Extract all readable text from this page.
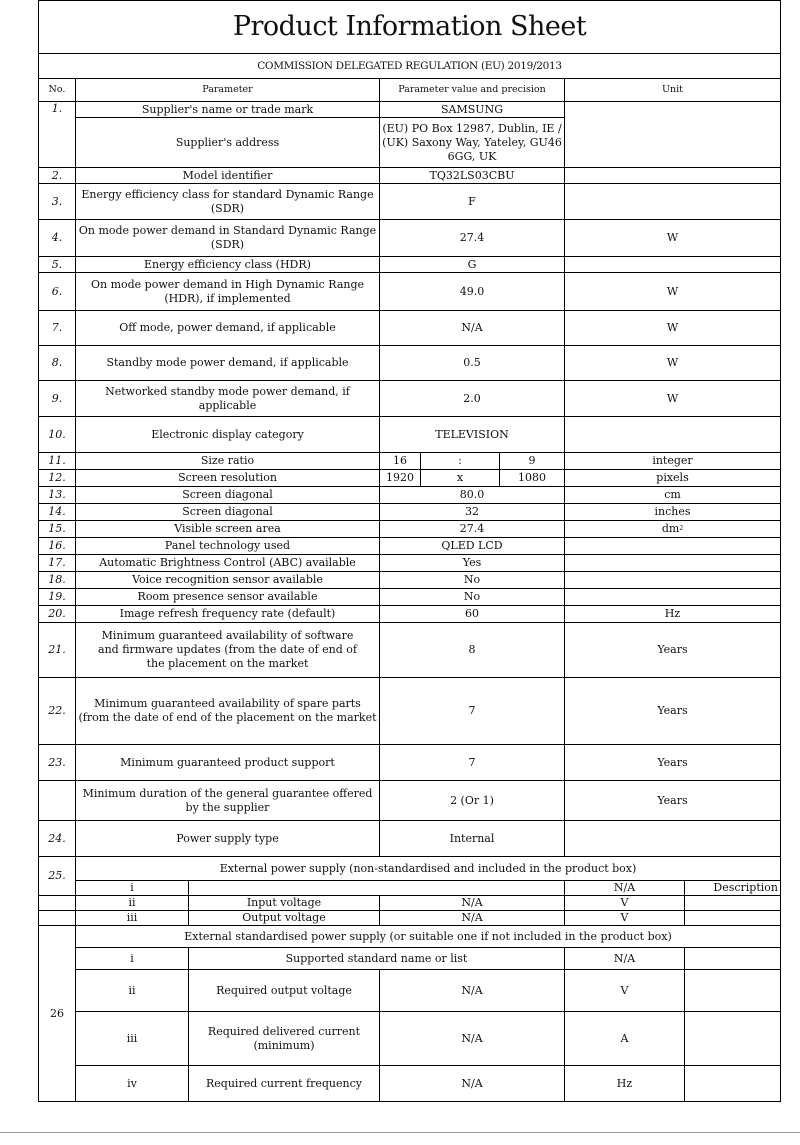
Product Information Sheet							
COMMISSION DELEGATED REGULATION (EU) 2019/2013							
No.	Parameter		Parameter value and precision			Unit	
1.	Supplier's name or trade mark		SAMSUNG				
	Supplier's address		(EU) PO Box 12987, Dublin, IE / (UK) Saxony Way, Yateley, GU46 6GG, UK				
2.	Model identifier		TQ32LS03CBU				
3.	Energy efficiency class for standard Dynamic Range (SDR)		F				
4.	On mode power demand in Standard Dynamic Range (SDR)		27.4			W	
5.	Energy efficiency class (HDR)		G				
6.	On mode power demand in High Dynamic Range (HDR), if implemented		49.0			W	
7.	Off mode, power demand, if applicable		N/A			W	
8.	Standby mode power demand, if applicable		0.5			W	
9.	Networked standby mode power demand, if applicable		2.0			W	
10.	Electronic display category		TELEVISION				
11.	Size ratio		16	:	9	integer	
12.	Screen resolution		1920	x	1080	pixels	
13.	Screen diagonal		80.0			cm	
14.	Screen diagonal		32			inches	
15.	Visible screen area		27.4			$dm^2$
16.	Panel technology used		QLED LCD				
17.	Automatic Brightness Control (ABC) available		Yes				
18.	Voice recognition sensor available		No				
19.	Room presence sensor available		No				
20.	Image refresh frequency rate (default)		60			Hz	
21.	Minimum guaranteed availability of software and firmware updates (from the date of end of the placement on the market		8			Years	
22.	Minimum guaranteed availability of spare parts (from the date of end of the placement on the market		7			Years	
23.	Minimum guaranteed product support		7			Years	
	Minimum duration of the general guarantee offered by the supplier		2 (Or 1)			Years	
24.	Power supply type		Internal				
25.	External power supply (non-standardised and included in the product box)						
	i					N/A	Description
	ii	Input voltage	N/A			V	
	iii	Output voltage	N/A			V	
26	External standardised power supply (or suitable one if not included in the product box)						
	i	Supported standard name or list				N/A	
	ii	Required output voltage	N/A			V	
	iii	Required delivered current (minimum)	N/A			A	
	iv	Required current frequency	N/A			Hz	
